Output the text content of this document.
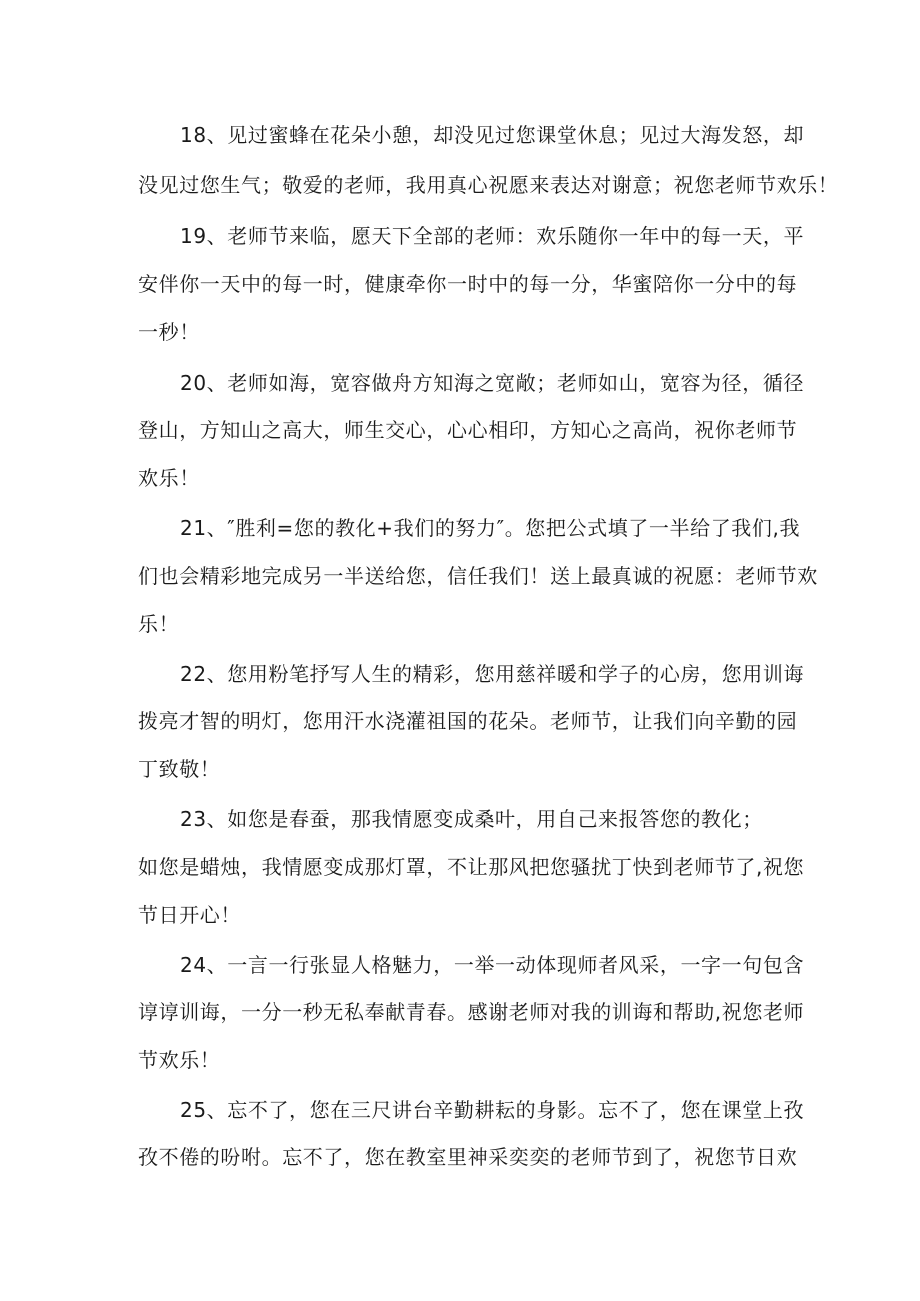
18、见过蜜蜂在花朵小憩，却没见过您课堂休息；见过大海发怒，却
没见过您生气；敬爱的老师，我用真心祝愿来表达对谢意；祝您老师节欢乐！
19、老师节来临，愿天下全部的老师：欢乐随你一年中的每一天，平
安伴你一天中的每一时，健康牵你一时中的每一分，华蜜陪你一分中的每
一秒！
20、老师如海，宽容做舟方知海之宽敞；老师如山，宽容为径，循径
登山，方知山之高大，师生交心，心心相印，方知心之高尚，祝你老师节
欢乐！
21、″胜利=您的教化+我们的努力″。您把公式填了一半给了我们,我
们也会精彩地完成另一半送给您，信任我们！送上最真诚的祝愿：老师节欢
乐！
22、您用粉笔抒写人生的精彩，您用慈祥暖和学子的心房，您用训诲
拨亮才智的明灯，您用汗水浇灌祖国的花朵。老师节，让我们向辛勤的园
丁致敬！
23、如您是春蚕，那我情愿变成桑叶，用自己来报答您的教化；
如您是蜡烛，我情愿变成那灯罩，不让那风把您骚扰丁快到老师节了,祝您
节日开心！
24、一言一行张显人格魅力，一举一动体现师者风采，一字一句包含
谆谆训诲，一分一秒无私奉献青春。感谢老师对我的训诲和帮助,祝您老师
节欢乐！
25、忘不了，您在三尺讲台辛勤耕耘的身影。忘不了，您在课堂上孜
孜不倦的吩咐。忘不了，您在教室里神采奕奕的老师节到了，祝您节日欢
